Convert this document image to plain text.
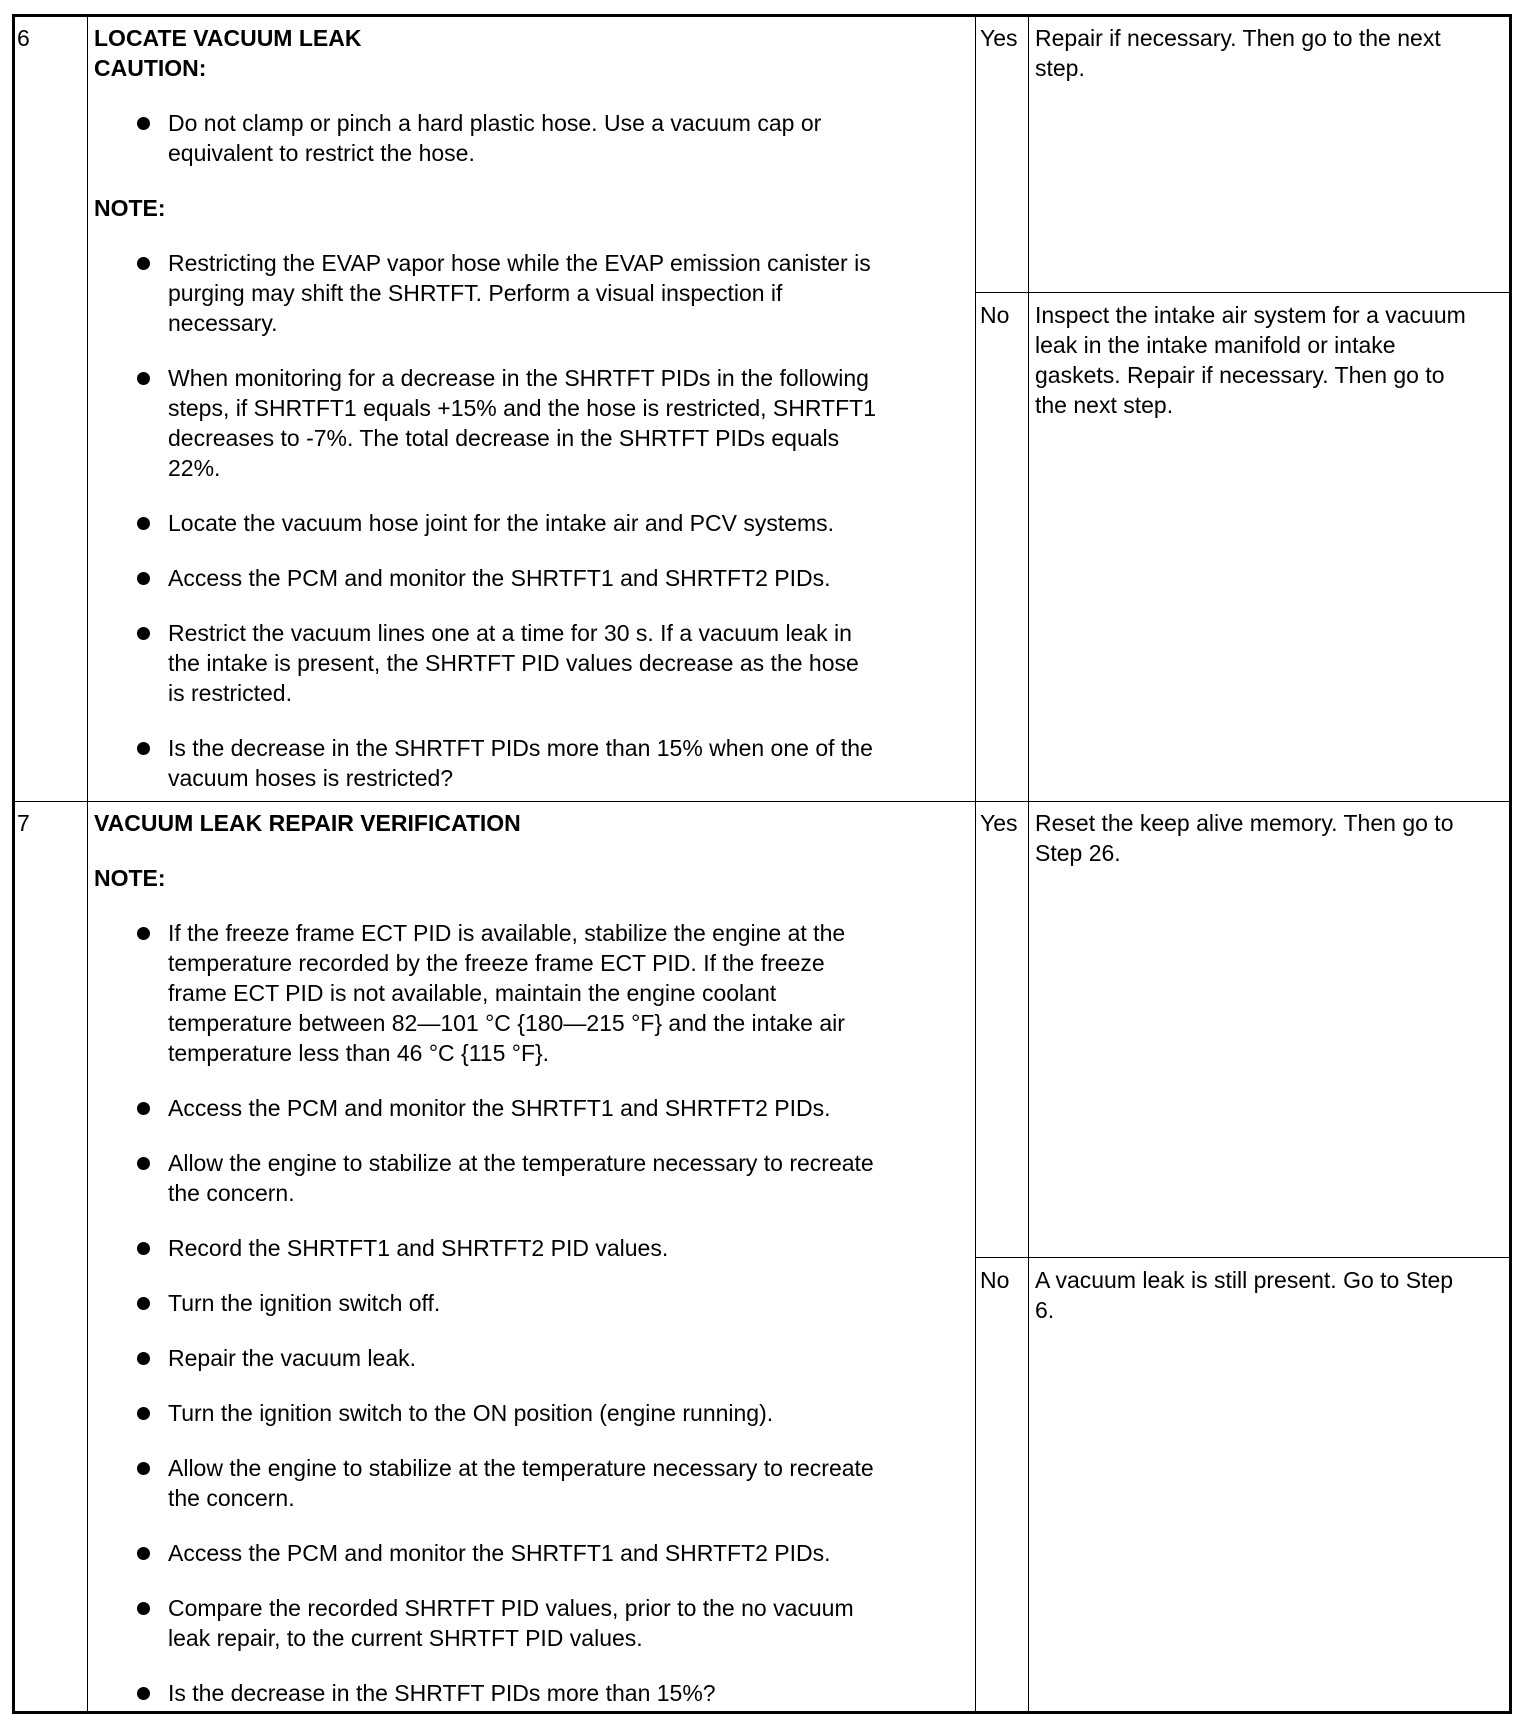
6	LOCATE VACUUM LEAK
CAUTION:
Do not clamp or pinch a hard plastic hose. Use a vacuum cap or
equivalent to restrict the hose.
NOTE:
Restricting the EVAP vapor hose while the EVAP emission canister is
purging may shift the SHRTFT. Perform a visual inspection if
necessary.
When monitoring for a decrease in the SHRTFT PIDs in the following
steps, if SHRTFT1 equals +15% and the hose is restricted, SHRTFT1
decreases to -7%. The total decrease in the SHRTFT PIDs equals
22%.
Locate the vacuum hose joint for the intake air and PCV systems.
Access the PCM and monitor the SHRTFT1 and SHRTFT2 PIDs.
Restrict the vacuum lines one at a time for 30 s. If a vacuum leak in
the intake is present, the SHRTFT PID values decrease as the hose
is restricted.
Is the decrease in the SHRTFT PIDs more than 15% when one of the
vacuum hoses is restricted?
Yes Repair if necessary. Then go to the next
step.
No Inspect the intake air system for a vacuum
leak in the intake manifold or intake
gaskets. Repair if necessary. Then go to
the next step.
7	VACUUM LEAK REPAIR VERIFICATION
NOTE:
If the freeze frame ECT PID is available, stabilize the engine at the
temperature recorded by the freeze frame ECT PID. If the freeze
frame ECT PID is not available, maintain the engine coolant
temperature between 82—101 °C {180—215 °F} and the intake air
temperature less than 46 °C {115 °F}.
Access the PCM and monitor the SHRTFT1 and SHRTFT2 PIDs.
Allow the engine to stabilize at the temperature necessary to recreate
the concern.
Record the SHRTFT1 and SHRTFT2 PID values.
Turn the ignition switch off.
Repair the vacuum leak.
Turn the ignition switch to the ON position (engine running).
Allow the engine to stabilize at the temperature necessary to recreate
the concern.
Access the PCM and monitor the SHRTFT1 and SHRTFT2 PIDs.
Compare the recorded SHRTFT PID values, prior to the no vacuum
leak repair, to the current SHRTFT PID values.
Is the decrease in the SHRTFT PIDs more than 15%?
Yes Reset the keep alive memory. Then go to
Step 26.
No A vacuum leak is still present. Go to Step
6.
